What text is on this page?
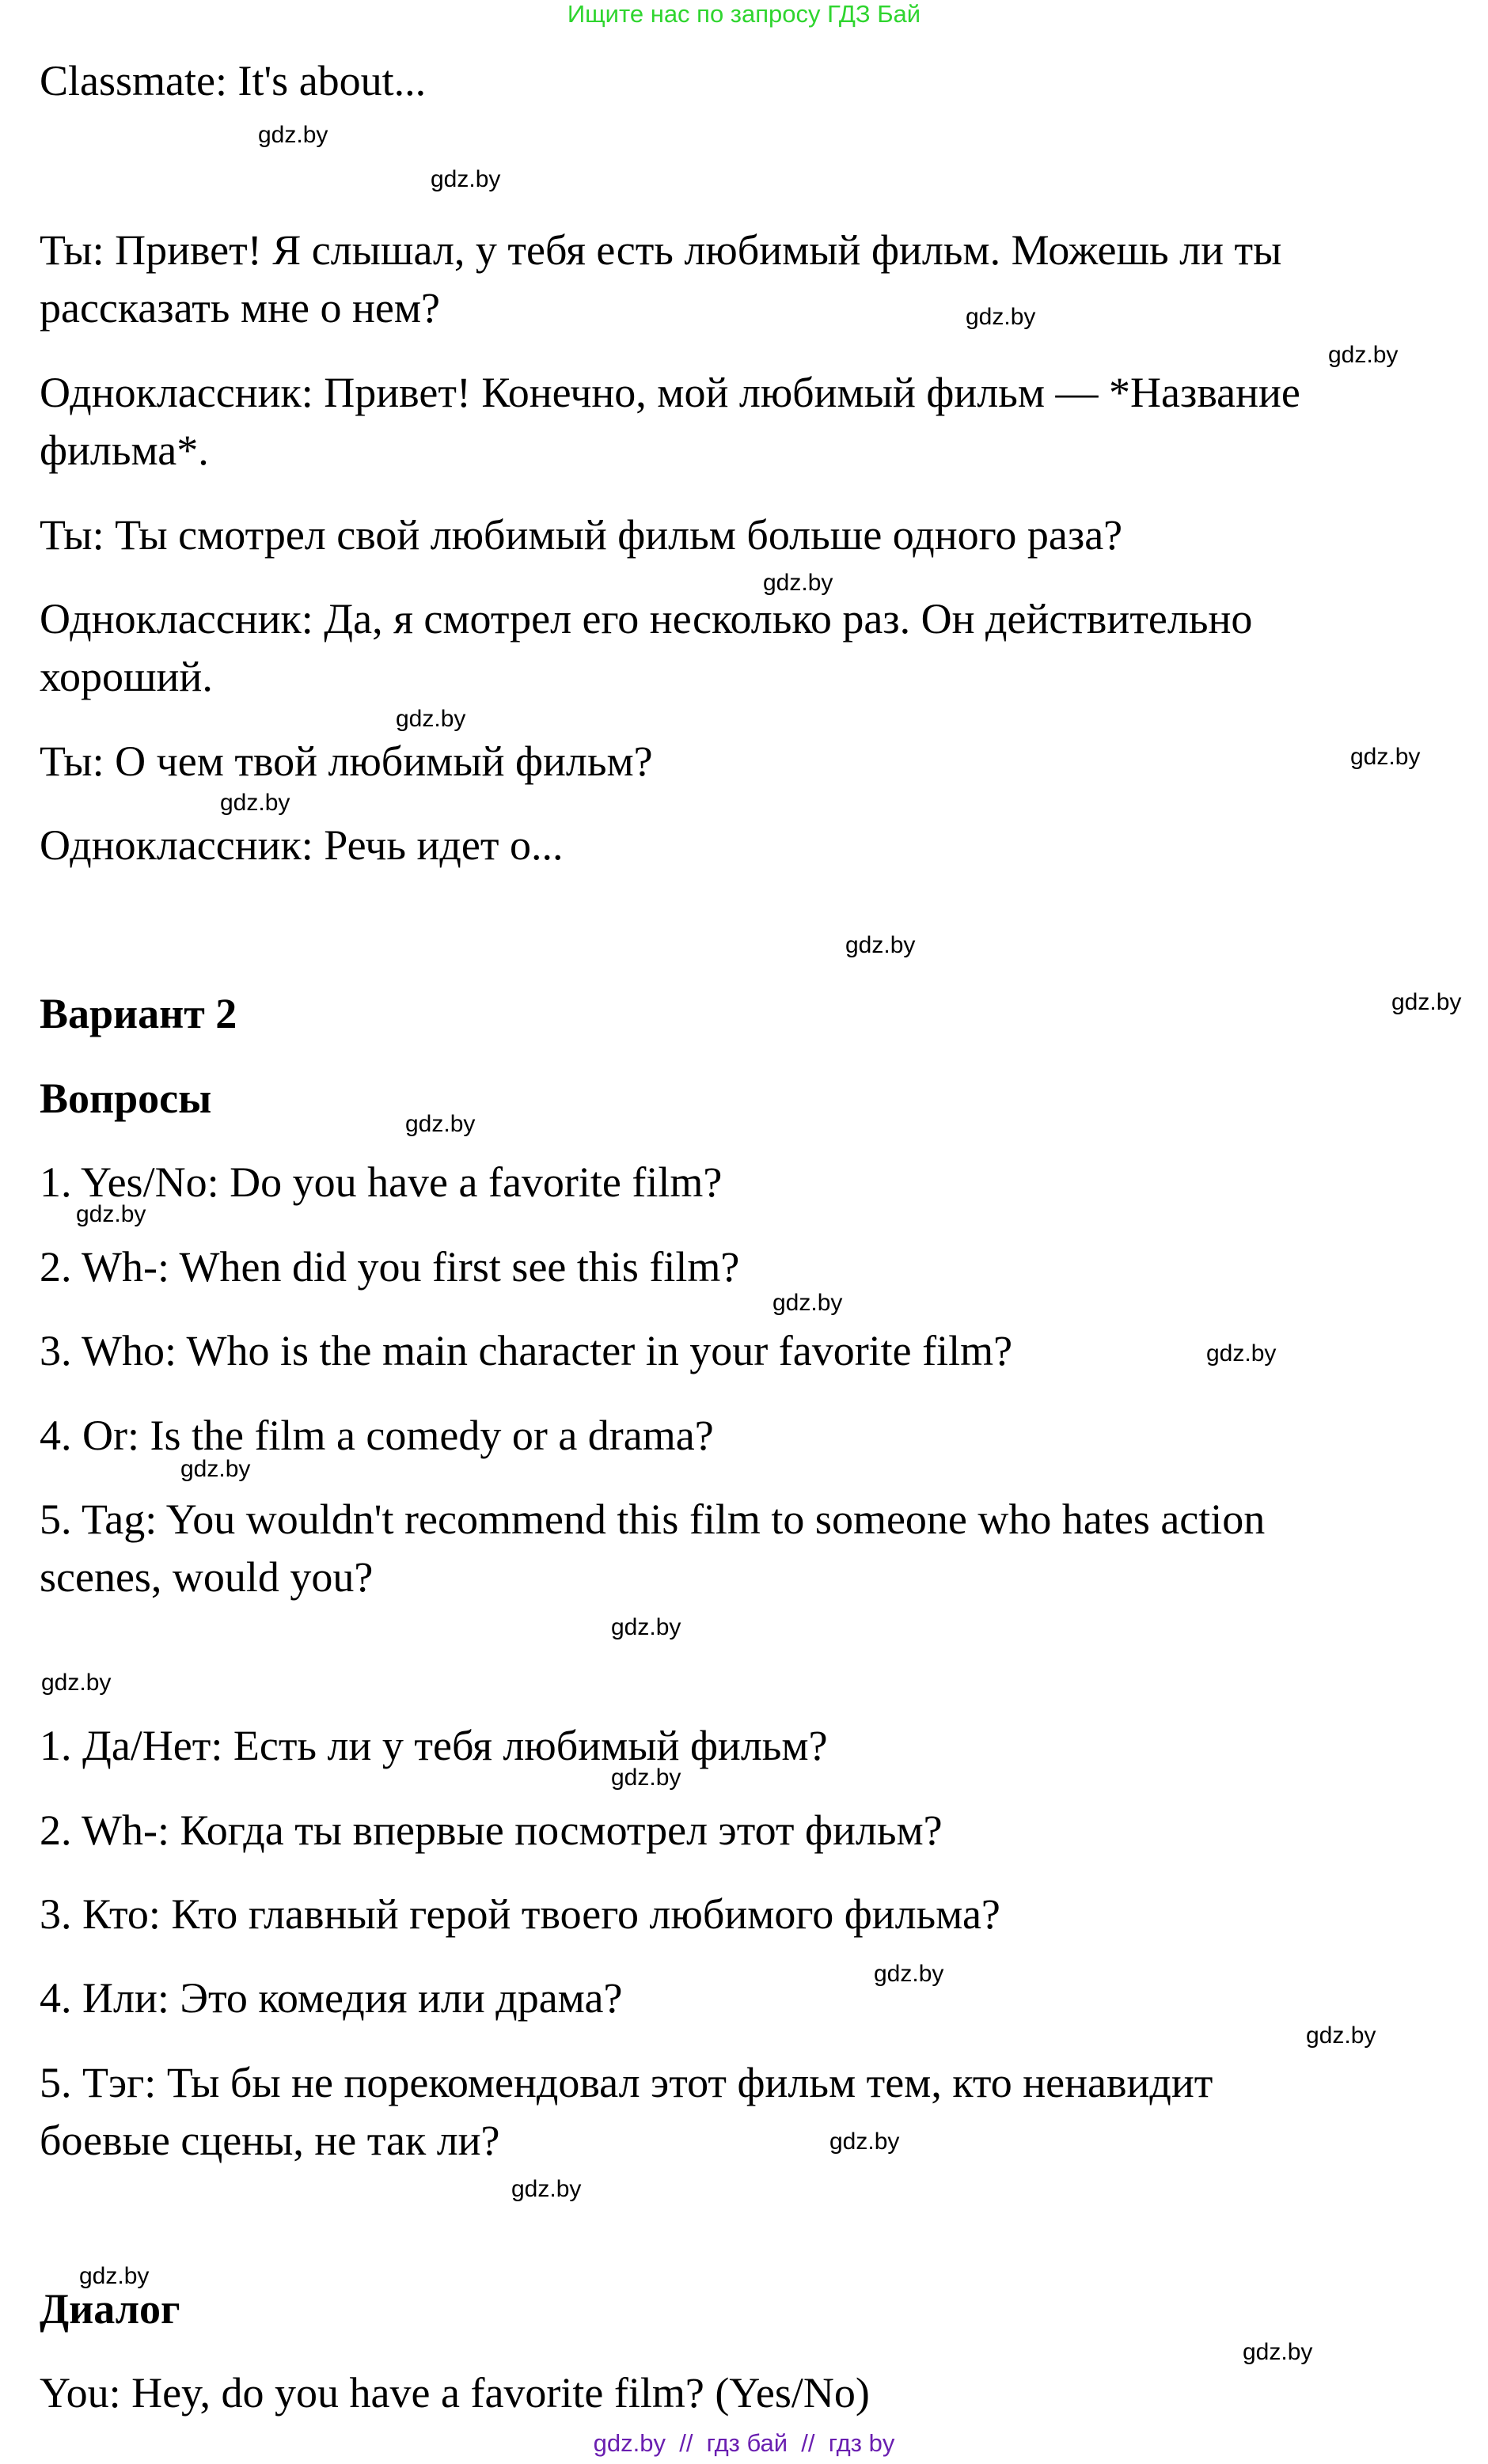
Ищите нас по запросу ГДЗ Бай
Classmate: It's about...
Ты: Привет! Я слышал, у тебя есть любимый фильм. Можешь ли ты
рассказать мне о нем?
Одноклассник: Привет! Конечно, мой любимый фильм — *Название
фильма*.
Ты: Ты смотрел свой любимый фильм больше одного раза?
Одноклассник: Да, я смотрел его несколько раз. Он действительно
хороший.
Ты: О чем твой любимый фильм?
Одноклассник: Речь идет о...
Вариант 2
Вопросы
1. Yes/No: Do you have a favorite film?
2. Wh-: When did you first see this film?
3. Who: Who is the main character in your favorite film?
4. Or: Is the film a comedy or a drama?
5. Tag: You wouldn't recommend this film to someone who hates action
scenes, would you?
1. Да/Нет: Есть ли у тебя любимый фильм?
2. Wh-: Когда ты впервые посмотрел этот фильм?
3. Кто: Кто главный герой твоего любимого фильма?
4. Или: Это комедия или драма?
5. Тэг: Ты бы не порекомендовал этот фильм тем, кто ненавидит
боевые сцены, не так ли?
Диалог
You: Hey, do you have a favorite film? (Yes/No)
gdz.by
gdz.by
gdz.by
gdz.by
gdz.by
gdz.by
gdz.by
gdz.by
gdz.by
gdz.by
gdz.by
gdz.by
gdz.by
gdz.by
gdz.by
gdz.by
gdz.by
gdz.by
gdz.by
gdz.by
gdz.by
gdz.by
gdz.by
gdz.by
gdz.by  //  гдз бай  //  гдз by
